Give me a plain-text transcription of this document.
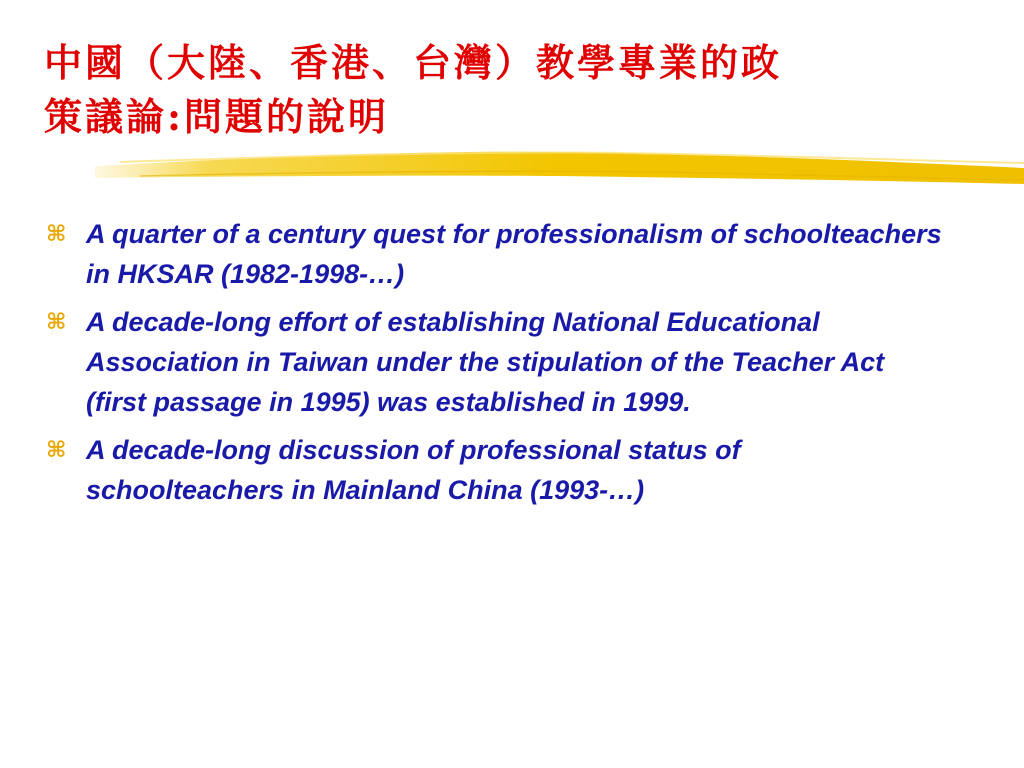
中國（大陸、香港、台灣）教學專業的政
策議論:問題的說明
⌘ A quarter of a century quest for professionalism of schoolteachers in HKSAR (1982-1998-…)
⌘ A decade-long effort of establishing National Educational Association in Taiwan under the stipulation of the Teacher Act (first passage in 1995) was established in 1999.
⌘ A decade-long discussion of professional status of schoolteachers in Mainland China (1993-…)
